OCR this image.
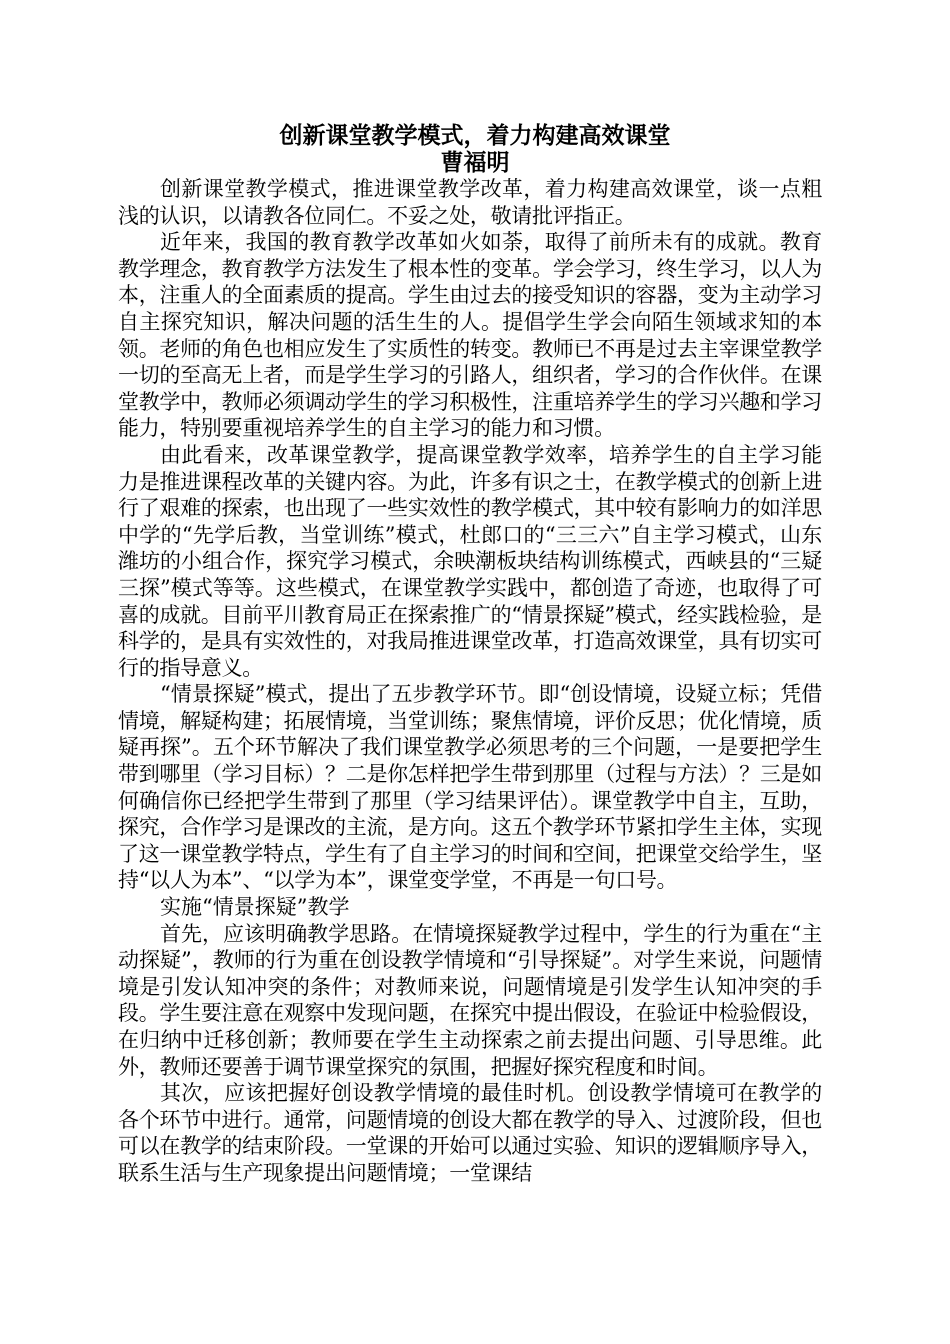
创新课堂教学模式，着力构建高效课堂

曹福明

创新课堂教学模式，推进课堂教学改革，着力构建高效课堂，谈一点粗浅的认识，以请教各位同仁。不妥之处，敬请批评指正。

近年来，我国的教育教学改革如火如荼，取得了前所未有的成就。教育教学理念，教育教学方法发生了根本性的变革。学会学习，终生学习，以人为本，注重人的全面素质的提高。学生由过去的接受知识的容器，变为主动学习自主探究知识，解决问题的活生生的人。提倡学生学会向陌生领域求知的本领。老师的角色也相应发生了实质性的转变。教师已不再是过去主宰课堂教学一切的至高无上者，而是学生学习的引路人，组织者，学习的合作伙伴。在课堂教学中，教师必须调动学生的学习积极性，注重培养学生的学习兴趣和学习能力，特别要重视培养学生的自主学习的能力和习惯。

由此看来，改革课堂教学，提高课堂教学效率，培养学生的自主学习能力是推进课程改革的关键内容。为此，许多有识之士，在教学模式的创新上进行了艰难的探索，也出现了一些实效性的教学模式，其中较有影响力的如洋思中学的“先学后教，当堂训练”模式，杜郎口的“三三六”自主学习模式，山东潍坊的小组合作，探究学习模式，余映潮板块结构训练模式，西峡县的“三疑三探”模式等等。这些模式，在课堂教学实践中，都创造了奇迹，也取得了可喜的成就。目前平川教育局正在探索推广的“情景探疑”模式，经实践检验，是科学的，是具有实效性的，对我局推进课堂改革，打造高效课堂，具有切实可行的指导意义。

“情景探疑”模式，提出了五步教学环节。即“创设情境，设疑立标；凭借情境，解疑构建；拓展情境，当堂训练；聚焦情境，评价反思；优化情境，质疑再探”。五个环节解决了我们课堂教学必须思考的三个问题，一是要把学生带到哪里（学习目标）？二是你怎样把学生带到那里（过程与方法）？三是如何确信你已经把学生带到了那里（学习结果评估）。课堂教学中自主，互助，探究，合作学习是课改的主流，是方向。这五个教学环节紧扣学生主体，实现了这一课堂教学特点，学生有了自主学习的时间和空间，把课堂交给学生，坚持“以人为本”、“以学为本”，课堂变学堂，不再是一句口号。

实施“情景探疑”教学

首先，应该明确教学思路。在情境探疑教学过程中，学生的行为重在“主动探疑”，教师的行为重在创设教学情境和“引导探疑”。对学生来说，问题情境是引发认知冲突的条件；对教师来说，问题情境是引发学生认知冲突的手段。学生要注意在观察中发现问题，在探究中提出假设，在验证中检验假设，在归纳中迁移创新；教师要在学生主动探索之前去提出问题、引导思维。此外，教师还要善于调节课堂探究的氛围，把握好探究程度和时间。

其次，应该把握好创设教学情境的最佳时机。创设教学情境可在教学的各个环节中进行。通常，问题情境的创设大都在教学的导入、过渡阶段，但也可以在教学的结束阶段。一堂课的开始可以通过实验、知识的逻辑顺序导入，联系生活与生产现象提出问题情境；一堂课结
